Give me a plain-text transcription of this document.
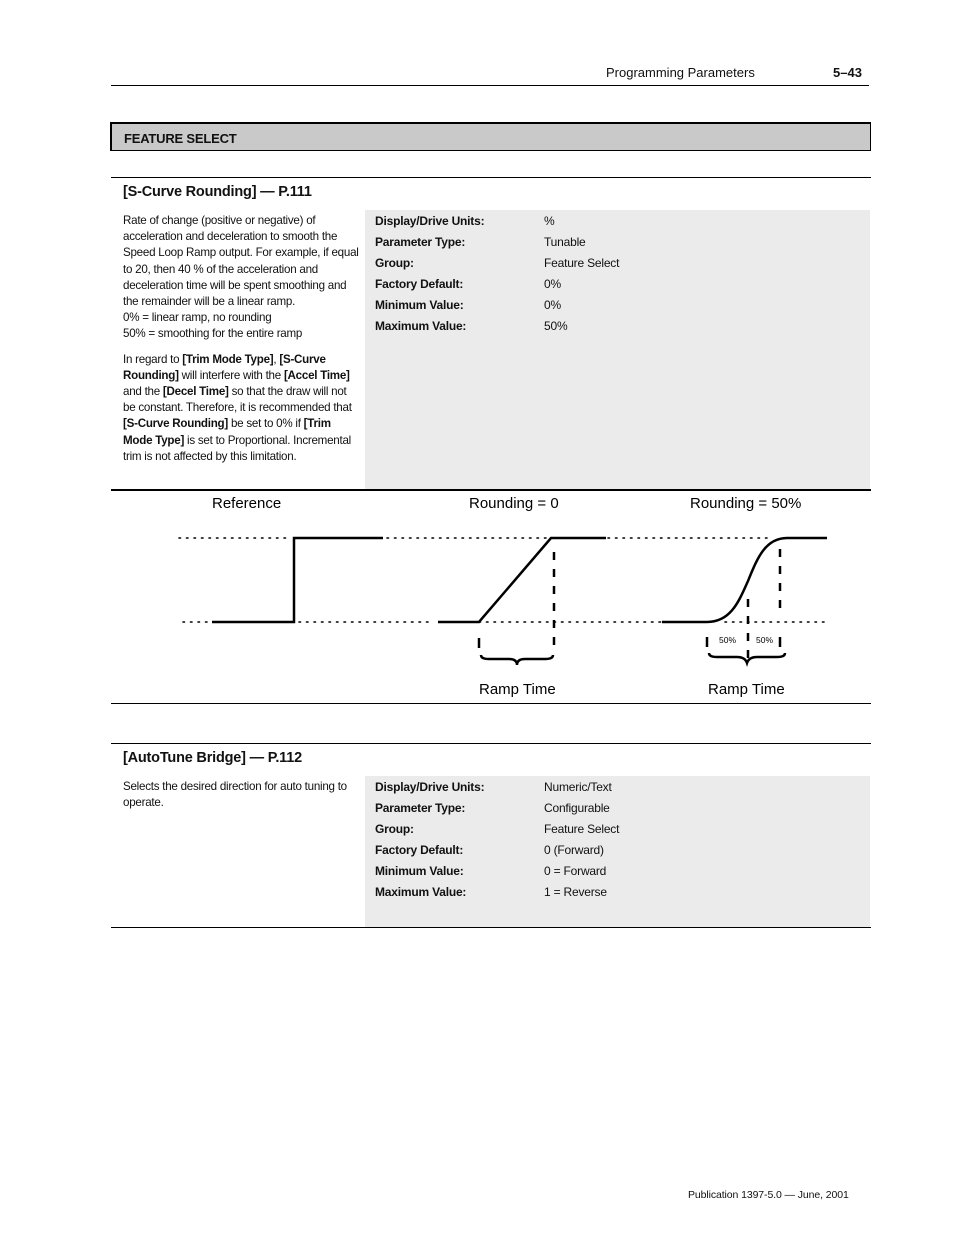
Programming Parameters	5–43
FEATURE SELECT
[S-Curve Rounding] — P.111

Rate of change (positive or negative) of acceleration and deceleration to smooth the Speed Loop Ramp output. For example, if equal to 20, then 40 % of the acceleration and deceleration time will be spent smoothing and the remainder will be a linear ramp.
0% = linear ramp, no rounding
50% = smoothing for the entire ramp

In regard to [Trim Mode Type], [S-Curve Rounding] will interfere with the [Accel Time] and the [Decel Time] so that the draw will not be constant. Therefore, it is recommended that [S-Curve Rounding] be set to 0% if [Trim Mode Type] is set to Proportional. Incremental trim is not affected by this limitation.

Display/Drive Units:	%
Parameter Type:	Tunable
Group:	Feature Select
Factory Default:	0%
Minimum Value:	0%
Maximum Value:	50%
Reference	Rounding = 0	Rounding = 50%
Ramp Time	Ramp Time
50% 50%
[AutoTune Bridge] — P.112

Selects the desired direction for auto tuning to operate.

Display/Drive Units:	Numeric/Text
Parameter Type:	Configurable
Group:	Feature Select
Factory Default:	0 (Forward)
Minimum Value:	0 = Forward
Maximum Value:	1 = Reverse
Publication 1397-5.0 — June, 2001
